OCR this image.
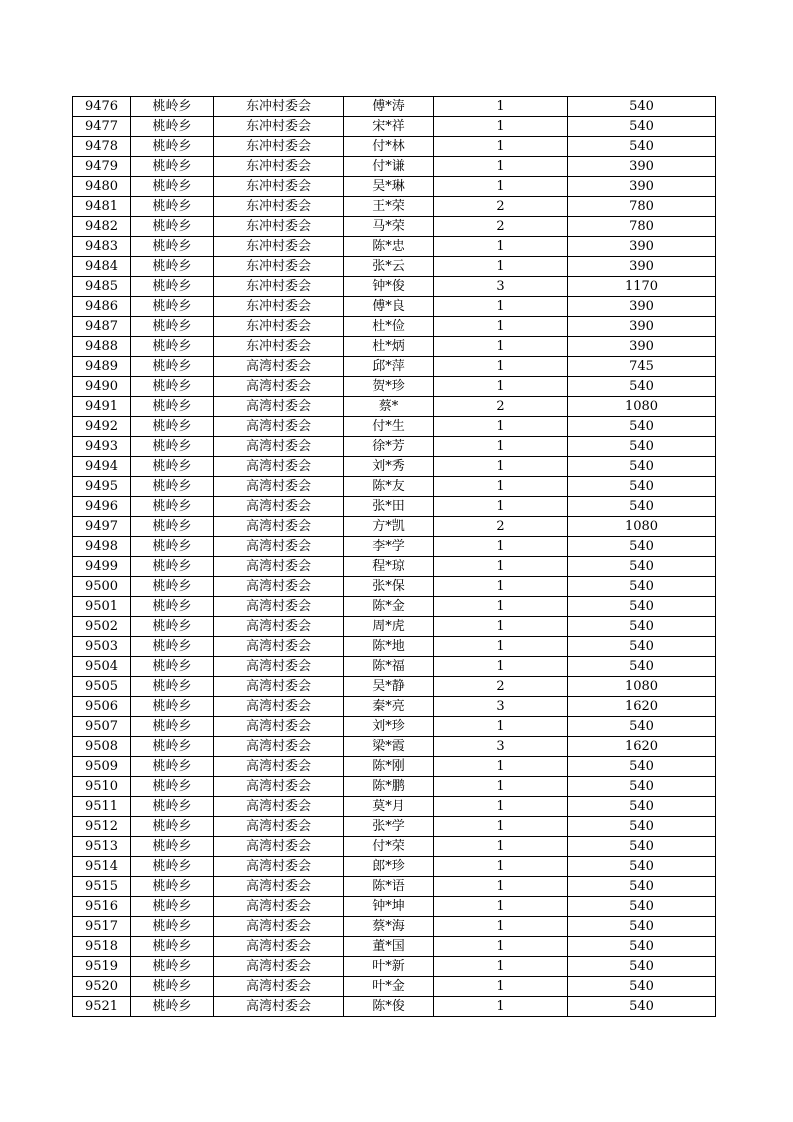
9476	桃岭乡	东冲村委会	傅*涛	1	540
9477	桃岭乡	东冲村委会	宋*祥	1	540
9478	桃岭乡	东冲村委会	付*林	1	540
9479	桃岭乡	东冲村委会	付*谦	1	390
9480	桃岭乡	东冲村委会	吴*琳	1	390
9481	桃岭乡	东冲村委会	王*荣	2	780
9482	桃岭乡	东冲村委会	马*荣	2	780
9483	桃岭乡	东冲村委会	陈*忠	1	390
9484	桃岭乡	东冲村委会	张*云	1	390
9485	桃岭乡	东冲村委会	钟*俊	3	1170
9486	桃岭乡	东冲村委会	傅*良	1	390
9487	桃岭乡	东冲村委会	杜*俭	1	390
9488	桃岭乡	东冲村委会	杜*炳	1	390
9489	桃岭乡	高湾村委会	邱*萍	1	745
9490	桃岭乡	高湾村委会	贺*珍	1	540
9491	桃岭乡	高湾村委会	蔡*	2	1080
9492	桃岭乡	高湾村委会	付*生	1	540
9493	桃岭乡	高湾村委会	徐*芳	1	540
9494	桃岭乡	高湾村委会	刘*秀	1	540
9495	桃岭乡	高湾村委会	陈*友	1	540
9496	桃岭乡	高湾村委会	张*田	1	540
9497	桃岭乡	高湾村委会	方*凯	2	1080
9498	桃岭乡	高湾村委会	李*学	1	540
9499	桃岭乡	高湾村委会	程*琼	1	540
9500	桃岭乡	高湾村委会	张*保	1	540
9501	桃岭乡	高湾村委会	陈*金	1	540
9502	桃岭乡	高湾村委会	周*虎	1	540
9503	桃岭乡	高湾村委会	陈*地	1	540
9504	桃岭乡	高湾村委会	陈*福	1	540
9505	桃岭乡	高湾村委会	吴*静	2	1080
9506	桃岭乡	高湾村委会	秦*亮	3	1620
9507	桃岭乡	高湾村委会	刘*珍	1	540
9508	桃岭乡	高湾村委会	梁*霞	3	1620
9509	桃岭乡	高湾村委会	陈*刚	1	540
9510	桃岭乡	高湾村委会	陈*鹏	1	540
9511	桃岭乡	高湾村委会	莫*月	1	540
9512	桃岭乡	高湾村委会	张*学	1	540
9513	桃岭乡	高湾村委会	付*荣	1	540
9514	桃岭乡	高湾村委会	郎*珍	1	540
9515	桃岭乡	高湾村委会	陈*语	1	540
9516	桃岭乡	高湾村委会	钟*坤	1	540
9517	桃岭乡	高湾村委会	蔡*海	1	540
9518	桃岭乡	高湾村委会	董*国	1	540
9519	桃岭乡	高湾村委会	叶*新	1	540
9520	桃岭乡	高湾村委会	叶*金	1	540
9521	桃岭乡	高湾村委会	陈*俊	1	540
